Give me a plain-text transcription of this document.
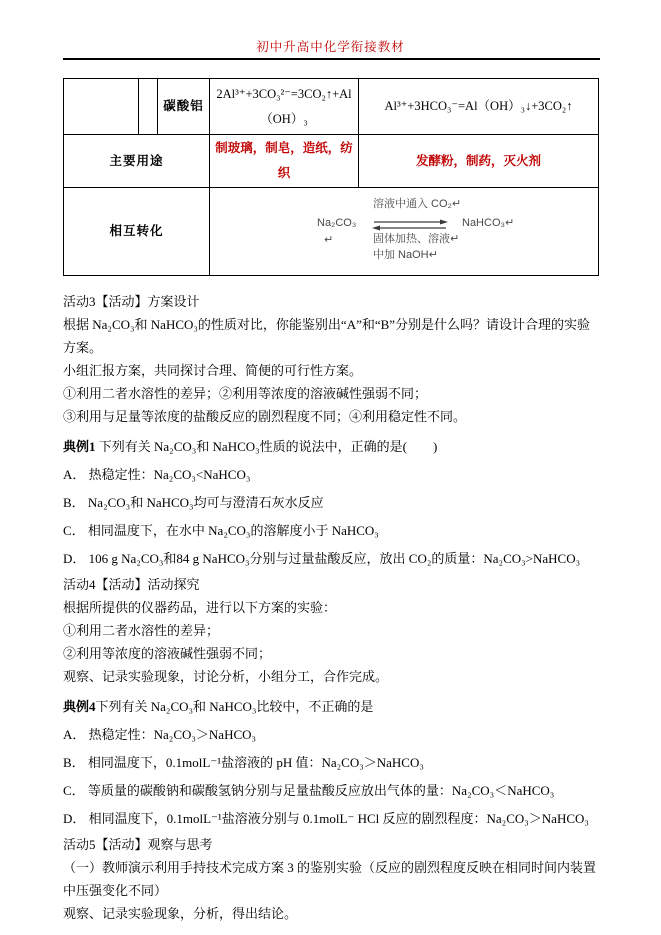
初中升高中化学衔接教材
		碳酸铝	2Al³⁺+3CO₃²⁻=3CO₂↑+Al（OH）₃	Al³⁺+3HCO₃⁻=Al（OH）₃↓+3CO₂↑
主要用途			制玻璃，制皂，造纸，纺织	发酵粉，制药，灭火剂
相互转化	
溶液中通入 CO₂↵
Na₂CO₃	NaHCO₃↵
↵	固体加热、溶液↵
中加 NaOH↵

活动3【活动】方案设计

根据 Na₂CO₃和 NaHCO₃的性质对比，你能鉴别出“A”和“B”分别是什么吗？请设计合理的实验方案。

小组汇报方案，共同探讨合理、简便的可行性方案。

①利用二者水溶性的差异；②利用等浓度的溶液碱性强弱不同；

③利用与足量等浓度的盐酸反应的剧烈程度不同；④利用稳定性不同。

典例1 下列有关 Na₂CO₃和 NaHCO₃性质的说法中，正确的是(　　)

A． 热稳定性：Na₂CO₃<NaHCO₃

B． Na₂CO₃和 NaHCO₃均可与澄清石灰水反应

C． 相同温度下，在水中 Na₂CO₃的溶解度小于 NaHCO₃

D． 106 g Na₂CO₃和84 g NaHCO₃分别与过量盐酸反应，放出 CO₂的质量：Na₂CO₃>NaHCO₃

活动4【活动】活动探究

根据所提供的仪器药品，进行以下方案的实验：

①利用二者水溶性的差异；

②利用等浓度的溶液碱性强弱不同；

观察、记录实验现象，讨论分析，小组分工，合作完成。

典例4下列有关 Na₂CO₃和 NaHCO₃比较中，不正确的是

A． 热稳定性：Na₂CO₃＞NaHCO₃

B． 相同温度下，0.1molL⁻¹盐溶液的 pH 值：Na₂CO₃＞NaHCO₃

C． 等质量的碳酸钠和碳酸氢钠分别与足量盐酸反应放出气体的量：Na₂CO₃＜NaHCO₃

D． 相同温度下，0.1molL⁻¹盐溶液分别与 0.1molL⁻ HCl 反应的剧烈程度：Na₂CO₃＞NaHCO₃

活动5【活动】观察与思考

（一）教师演示利用手持技术完成方案 3 的鉴别实验（反应的剧烈程度反映在相同时间内装置中压强变化不同）

观察、记录实验现象，分析，得出结论。
